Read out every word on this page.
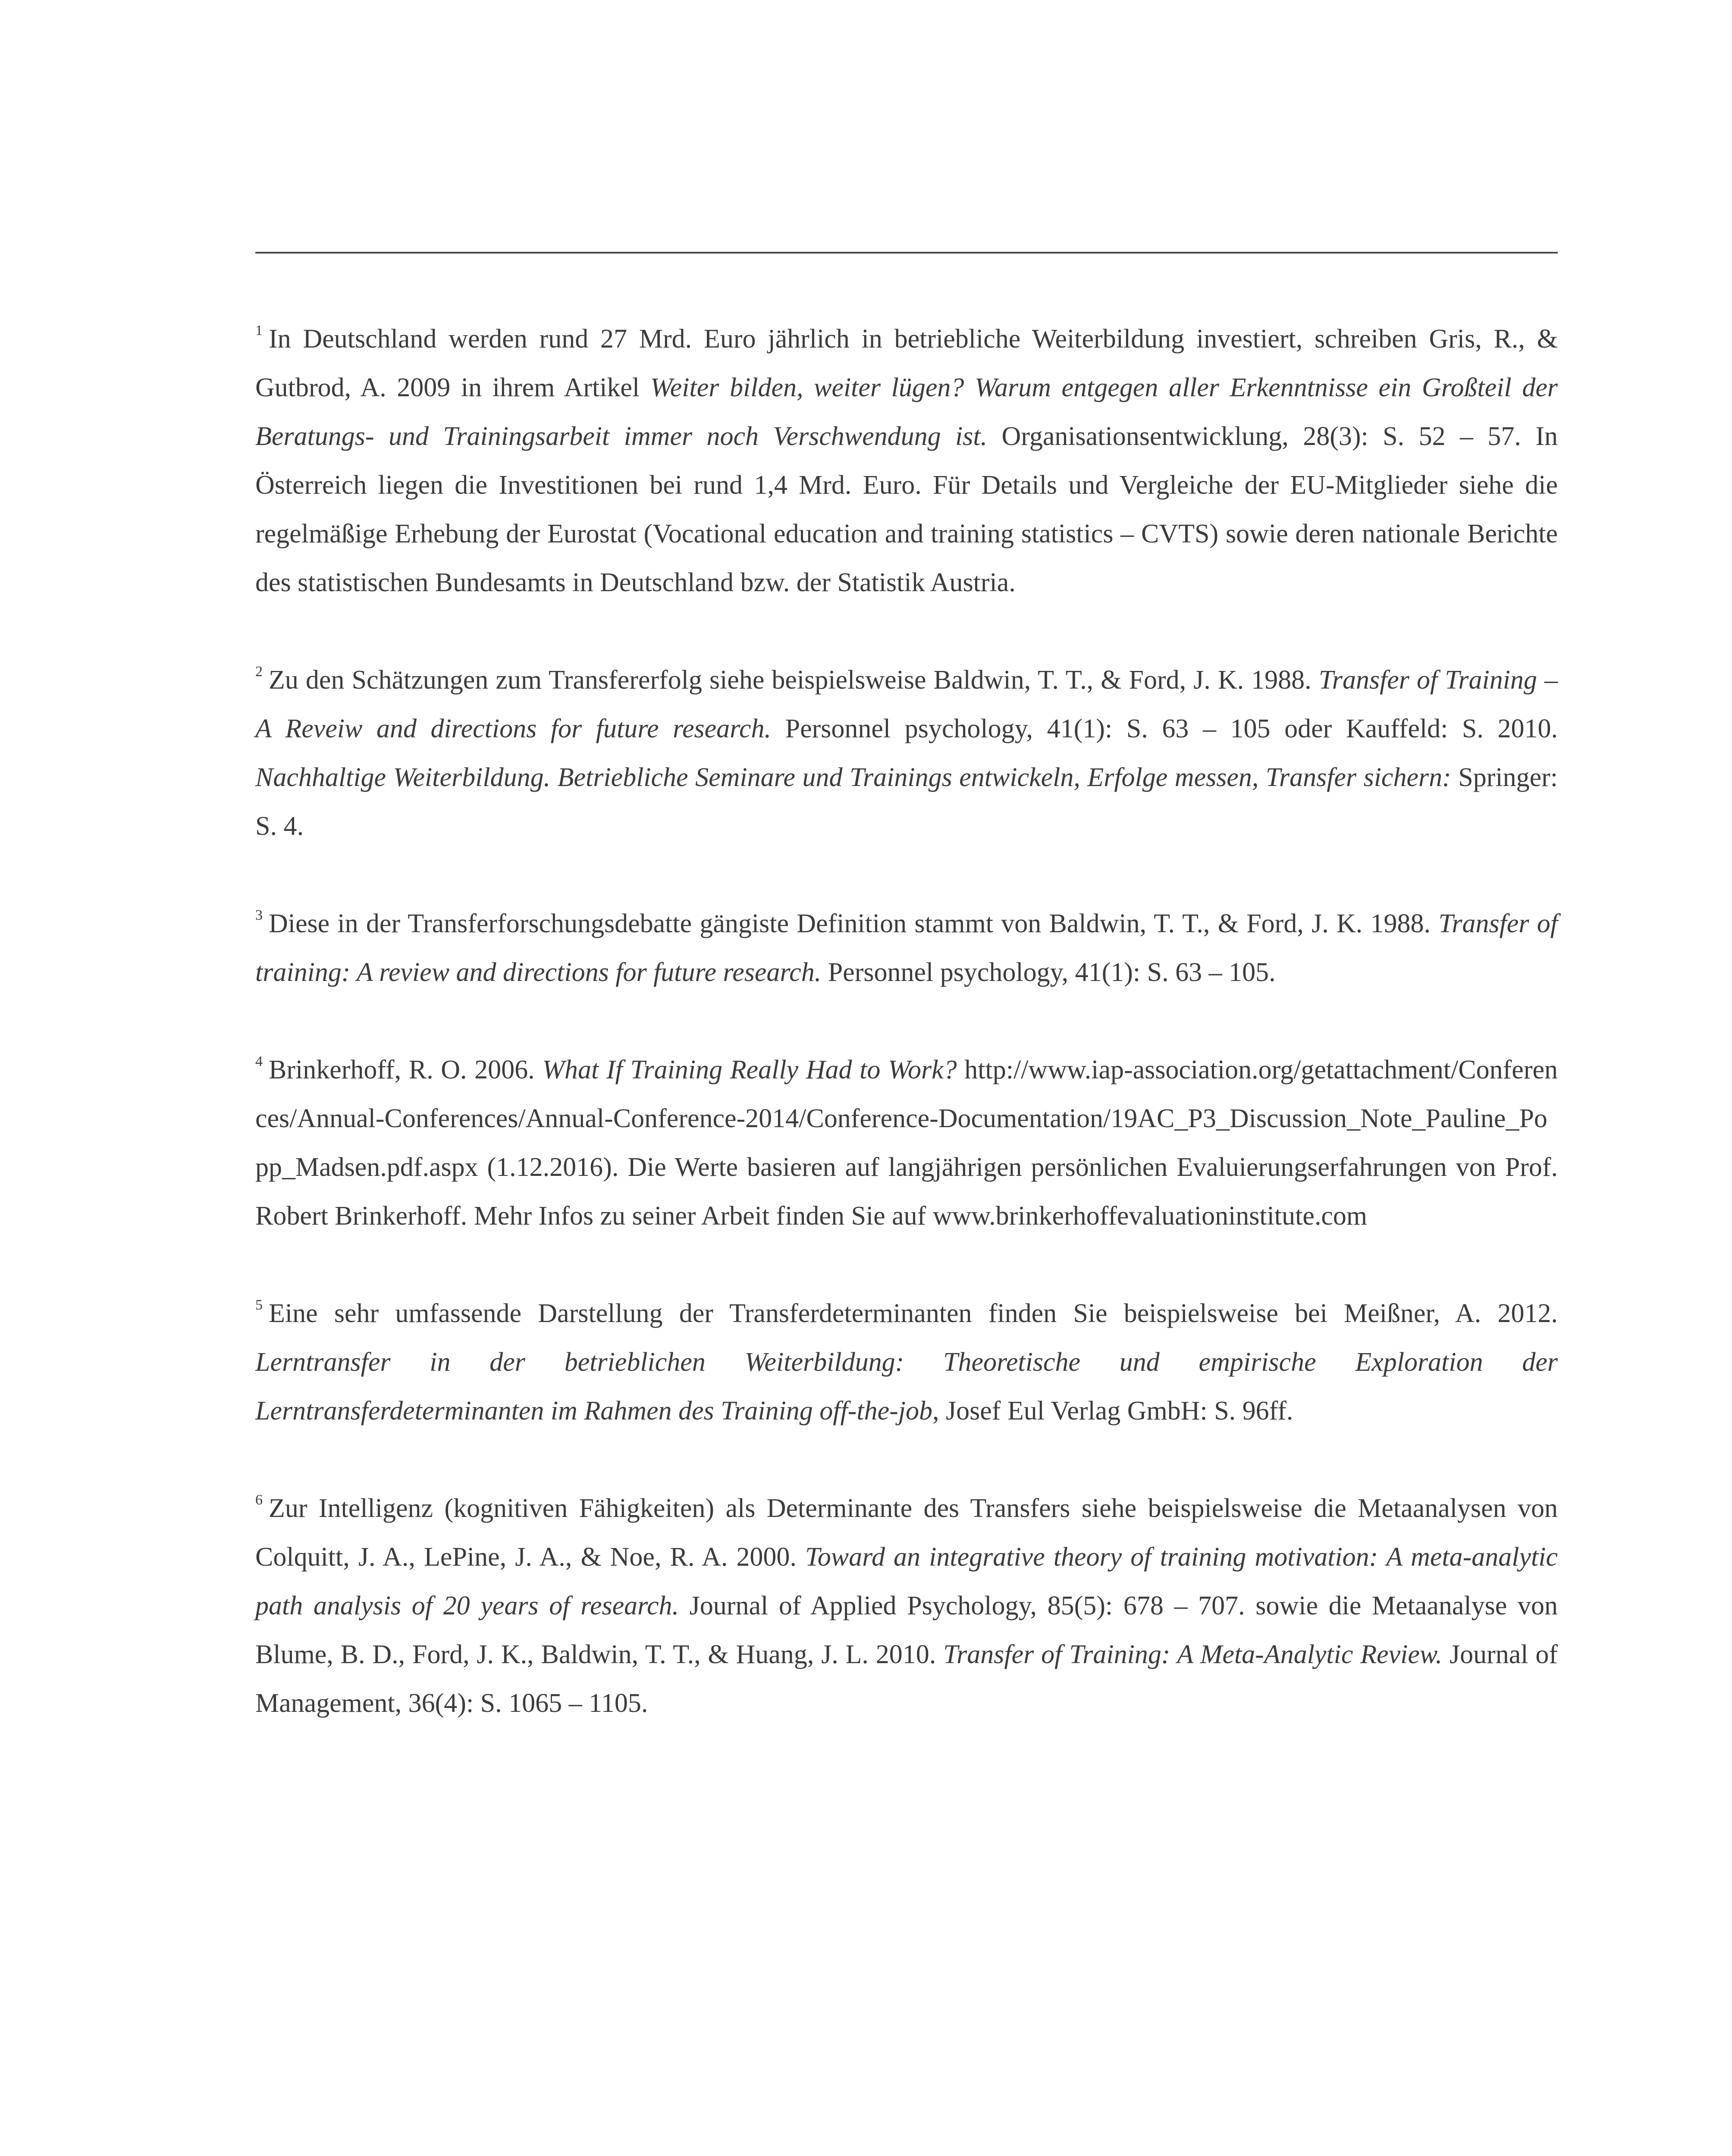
$^1$ In Deutschland werden rund 27 Mrd. Euro jährlich in betriebliche Weiterbildung investiert, schreiben Gris, R., & Gutbrod, A. 2009 in ihrem Artikel Weiter bilden, weiter lügen? Warum entgegen aller Erkenntnisse ein Großteil der Beratungs- und Trainingsarbeit immer noch Verschwendung ist. Organisationsentwicklung, 28(3): S. 52 – 57. In Österreich liegen die Investitionen bei rund 1,4 Mrd. Euro. Für Details und Vergleiche der EU-Mitglieder siehe die regelmäßige Erhebung der Eurostat (Vocational education and training statistics – CVTS) sowie deren nationale Berichte des statistischen Bundesamts in Deutschland bzw. der Statistik Austria.

$^2$ Zu den Schätzungen zum Transfererfolg siehe beispielsweise Baldwin, T. T., & Ford, J. K. 1988. Transfer of Training – A Reveiw and directions for future research. Personnel psychology, 41(1): S. 63 – 105 oder Kauffeld: S. 2010. Nachhaltige Weiterbildung. Betriebliche Seminare und Trainings entwickeln, Erfolge messen, Transfer sichern: Springer: S. 4.

$^3$ Diese in der Transferforschungsdebatte gängiste Definition stammt von Baldwin, T. T., & Ford, J. K. 1988. Transfer of training: A review and directions for future research. Personnel psychology, 41(1): S. 63 – 105.

$^4$ Brinkerhoff, R. O. 2006. What If Training Really Had to Work? http://www.iap-association.org/getattachment/Conferences/Annual-Conferences/Annual-Conference-2014/Conference-Documentation/19AC_P3_Discussion_Note_Pauline_Popp_Madsen.pdf.aspx (1.12.2016). Die Werte basieren auf langjährigen persönlichen Evaluierungserfahrungen von Prof. Robert Brinkerhoff. Mehr Infos zu seiner Arbeit finden Sie auf www.brinkerhoffevaluationinstitute.com

$^5$ Eine sehr umfassende Darstellung der Transferdeterminanten finden Sie beispielsweise bei Meißner, A. 2012. Lerntransfer in der betrieblichen Weiterbildung: Theoretische und empirische Exploration der Lerntransferdeterminanten im Rahmen des Training off-the-job, Josef Eul Verlag GmbH: S. 96ff.

$^6$ Zur Intelligenz (kognitiven Fähigkeiten) als Determinante des Transfers siehe beispielsweise die Metaanalysen von Colquitt, J. A., LePine, J. A., & Noe, R. A. 2000. Toward an integrative theory of training motivation: A meta-analytic path analysis of 20 years of research. Journal of Applied Psychology, 85(5): 678 – 707. sowie die Metaanalyse von Blume, B. D., Ford, J. K., Baldwin, T. T., & Huang, J. L. 2010. Transfer of Training: A Meta-Analytic Review. Journal of Management, 36(4): S. 1065 – 1105.
